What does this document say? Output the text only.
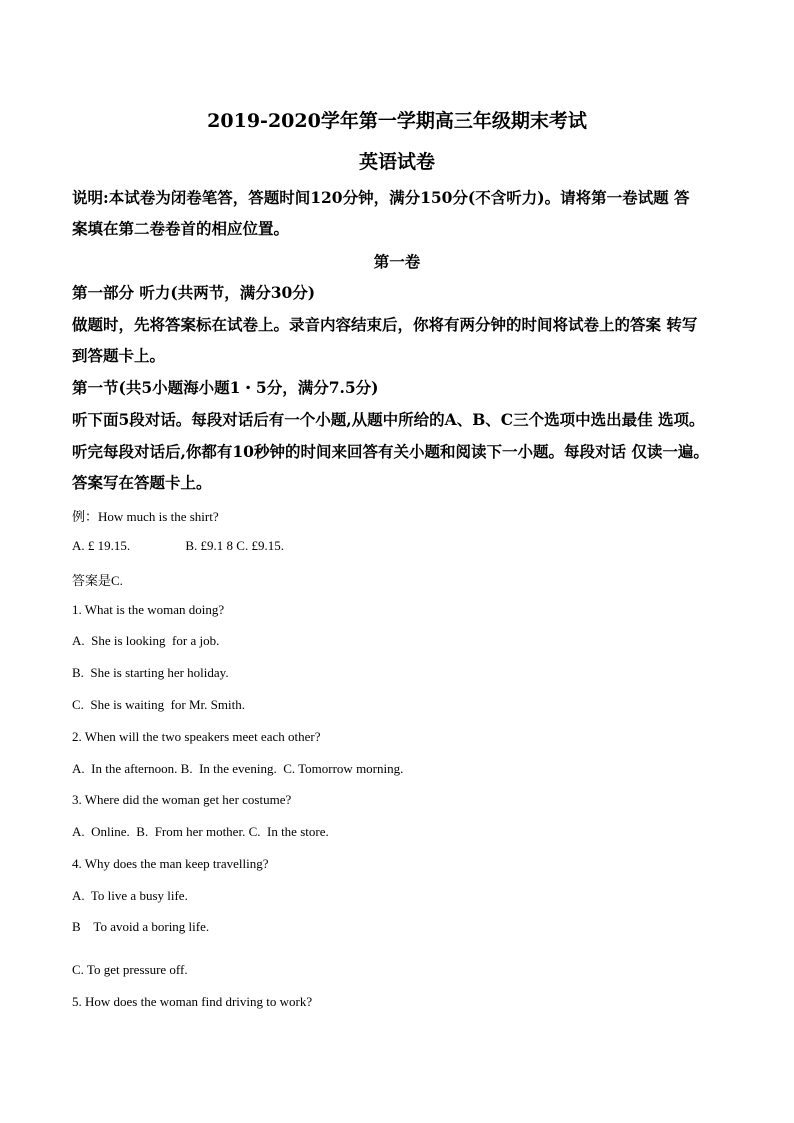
2019-2020学年第一学期高三年级期末考试
英语试卷
说明:本试卷为闭卷笔答，答题时间120分钟，满分150分(不含听力)。请将第一卷试题 答
案填在第二卷卷首的相应位置。
第一卷
第一部分 听力(共两节，满分30分)
做题时，先将答案标在试卷上。录音内容结束后，你将有两分钟的时间将试卷上的答案 转写
到答题卡上。
第一节(共5小题海小题1・5分，满分7.5分)
听下面5段对话。每段对话后有一个小题,从题中所给的A、B、C三个选项中选出最佳 选项。
听完每段对话后,你都有10秒钟的时间来回答有关小题和阅读下一小题。每段对话 仅读一遍。
答案写在答题卡上。
例：How much is the shirt?
A. £ 19.15.                 B. £9.1 8 C. £9.15.
答案是C.
1. What is the woman doing?
A.  She is looking  for a job.
B.  She is starting her holiday.
C.  She is waiting  for Mr. Smith.
2. When will the two speakers meet each other?
A.  In the afternoon. B.  In the evening.  C. Tomorrow morning.
3. Where did the woman get her costume?
A.  Online.  B.  From her mother. C.  In the store.
4. Why does the man keep travelling?
A.  To live a busy life.
B    To avoid a boring life.
C. To get pressure off.
5. How does the woman find driving to work?
